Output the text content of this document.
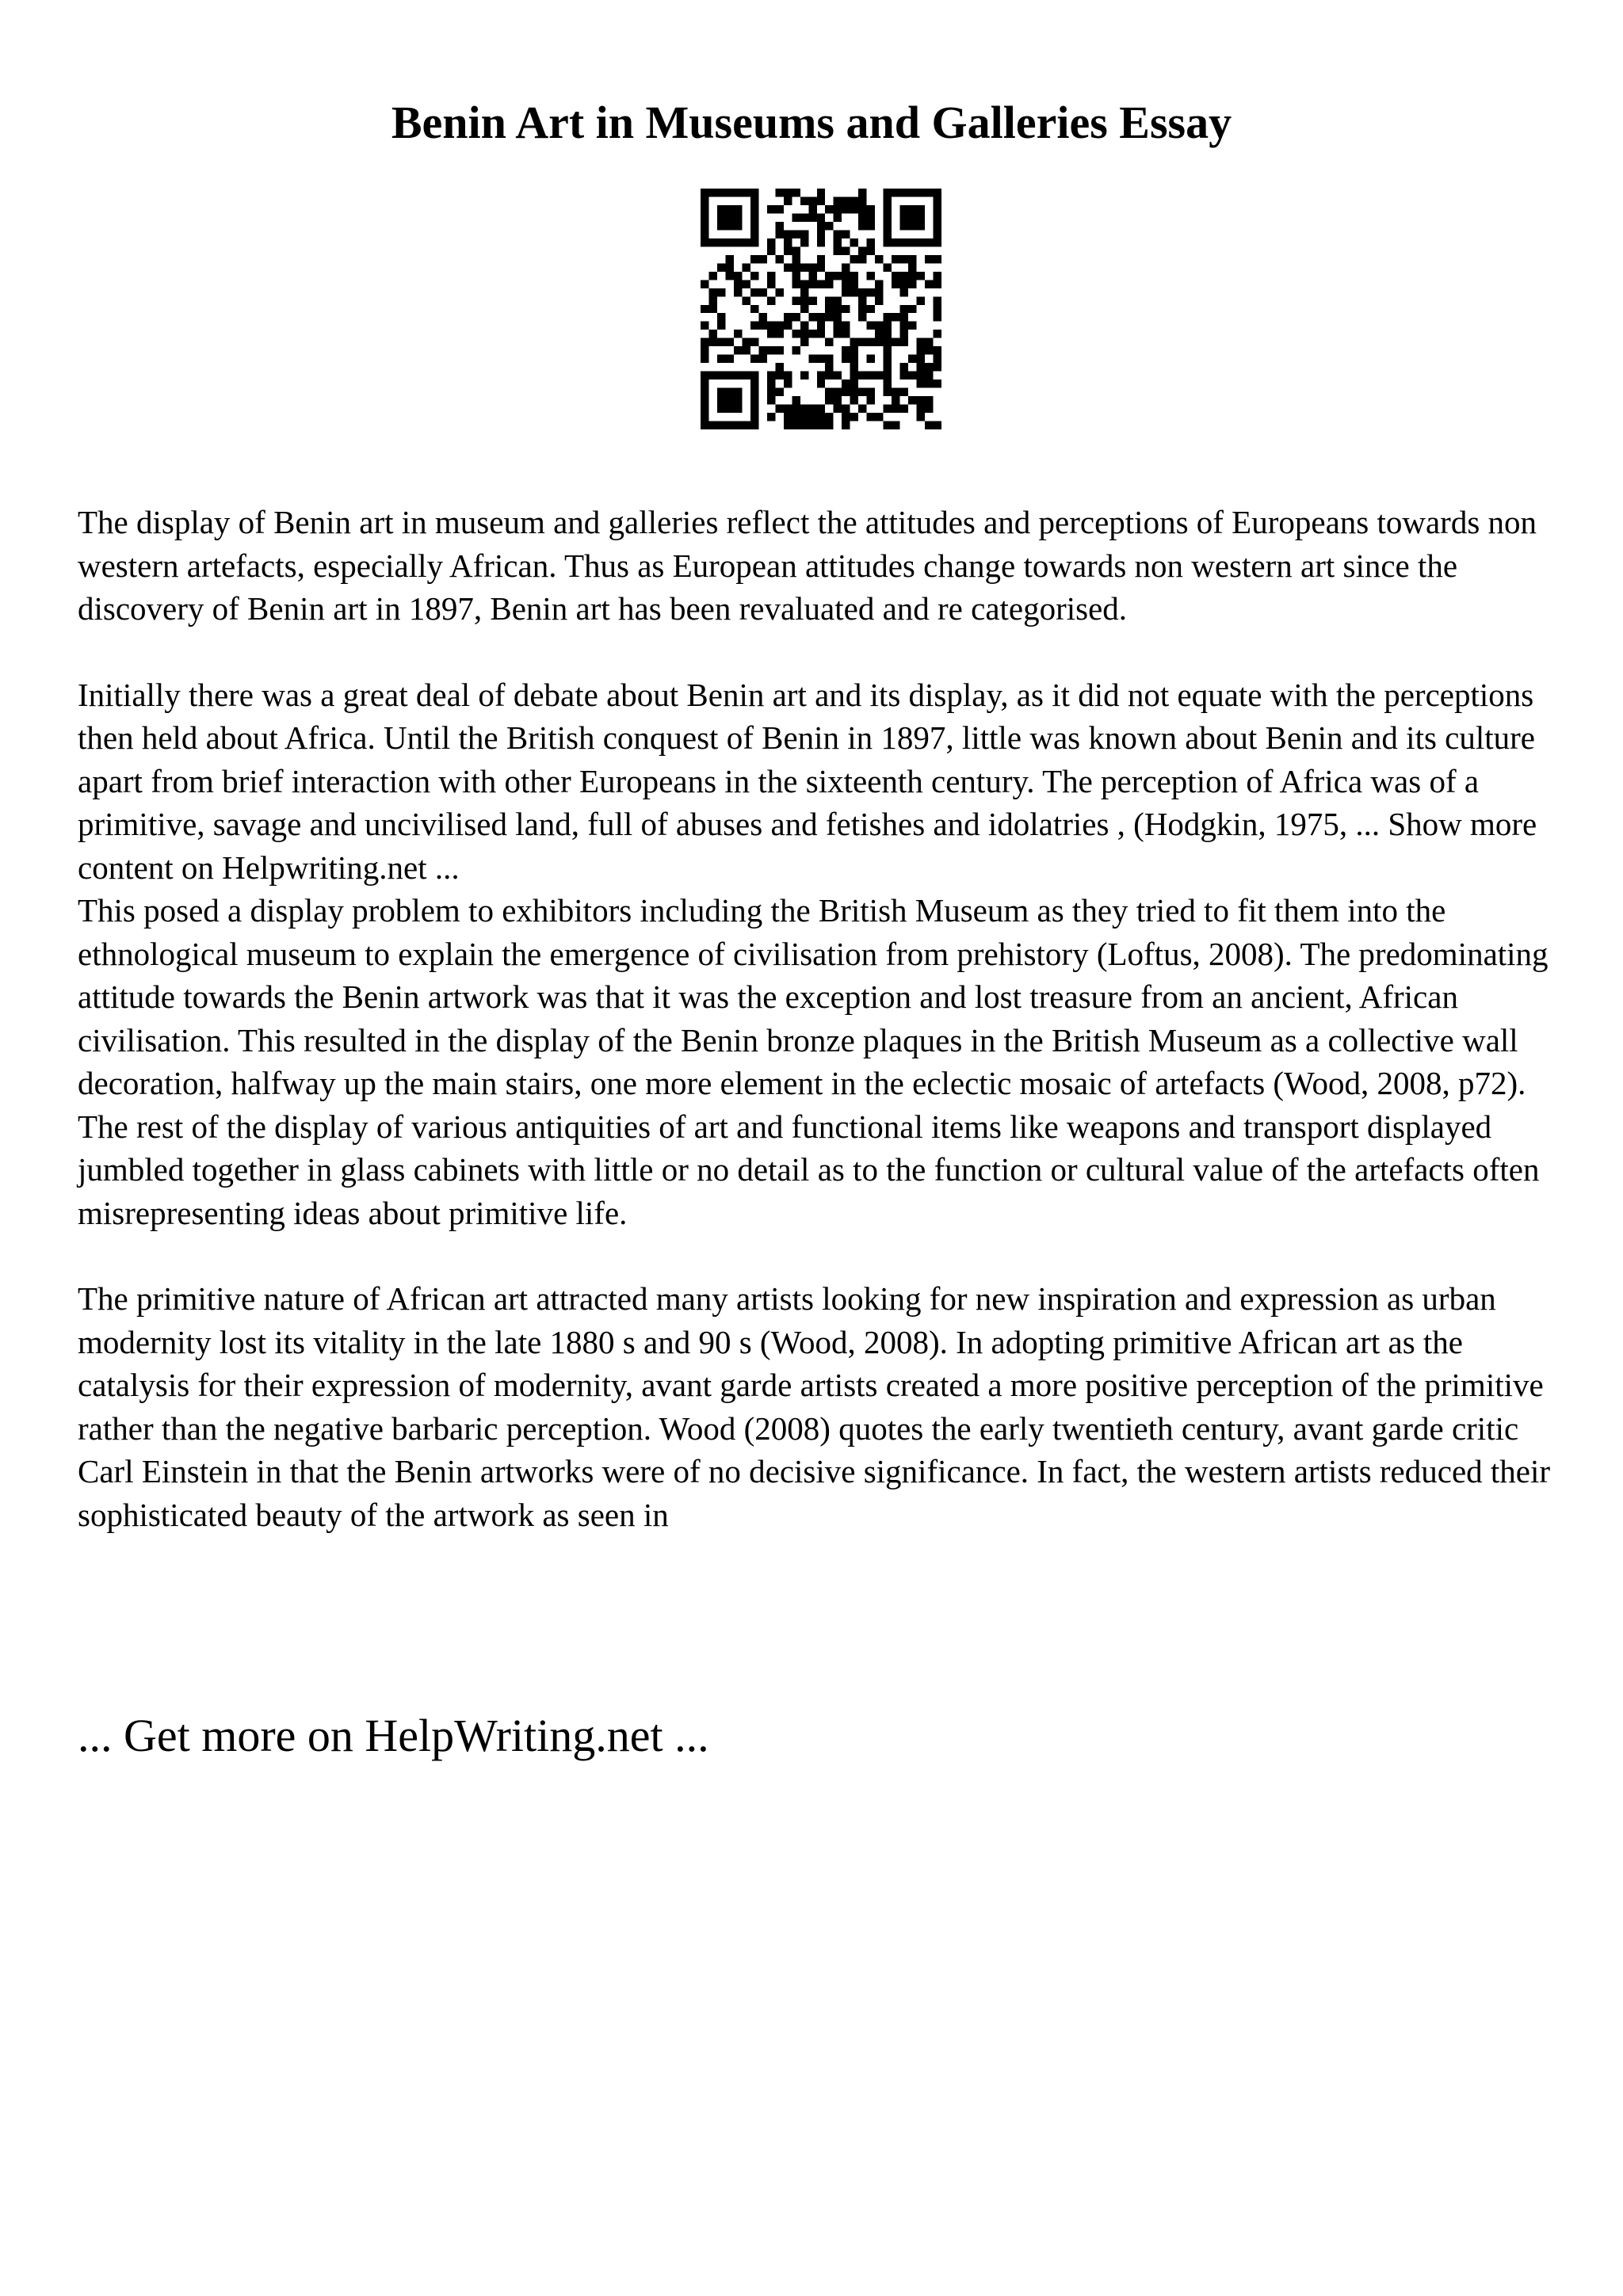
Benin Art in Museums and Galleries Essay

The display of Benin art in museum and galleries reflect the attitudes and perceptions of Europeans towards non western artefacts, especially African. Thus as European attitudes change towards non western art since the discovery of Benin art in 1897, Benin art has been revaluated and re categorised.

Initially there was a great deal of debate about Benin art and its display, as it did not equate with the perceptions then held about Africa. Until the British conquest of Benin in 1897, little was known about Benin and its culture apart from brief interaction with other Europeans in the sixteenth century. The perception of Africa was of a primitive, savage and uncivilised land, full of abuses and fetishes and idolatries , (Hodgkin, 1975, ... Show more content on Helpwriting.net ...

This posed a display problem to exhibitors including the British Museum as they tried to fit them into the ethnological museum to explain the emergence of civilisation from prehistory (Loftus, 2008). The predominating attitude towards the Benin artwork was that it was the exception and lost treasure from an ancient, African civilisation. This resulted in the display of the Benin bronze plaques in the British Museum as a collective wall decoration, halfway up the main stairs, one more element in the eclectic mosaic of artefacts (Wood, 2008, p72). The rest of the display of various antiquities of art and functional items like weapons and transport displayed jumbled together in glass cabinets with little or no detail as to the function or cultural value of the artefacts often misrepresenting ideas about primitive life.

The primitive nature of African art attracted many artists looking for new inspiration and expression as urban modernity lost its vitality in the late 1880 s and 90 s (Wood, 2008). In adopting primitive African art as the catalysis for their expression of modernity, avant garde artists created a more positive perception of the primitive rather than the negative barbaric perception. Wood (2008) quotes the early twentieth century, avant garde critic Carl Einstein in that the Benin artworks were of no decisive significance. In fact, the western artists reduced their sophisticated beauty of the artwork as seen in

... Get more on HelpWriting.net ...
